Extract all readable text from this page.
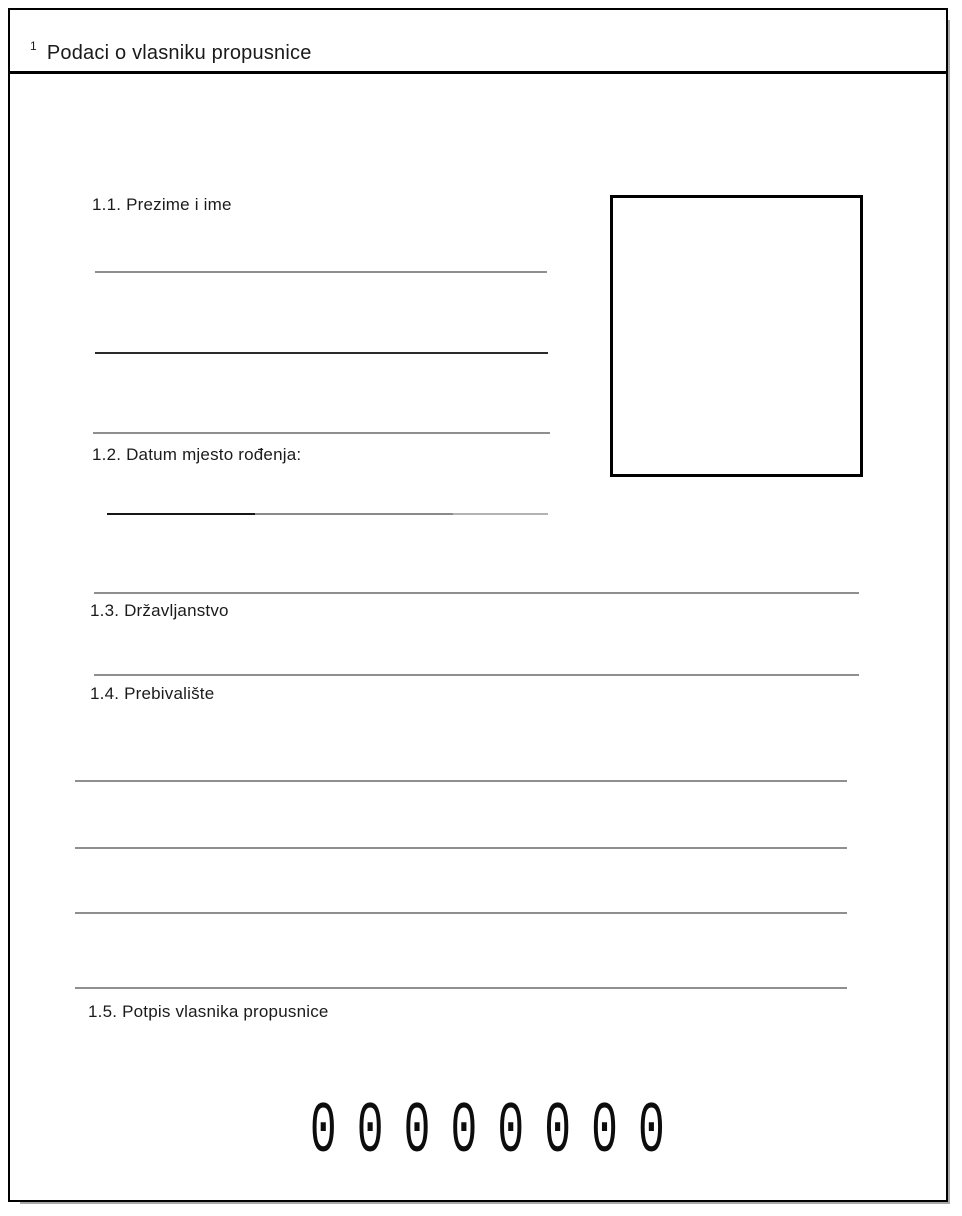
$^1$ Podaci o vlasniku propusnice
1.1. Prezime i ime
1.2. Datum mjesto rođenja:
1.3. Državljanstvo
1.4. Prebivalište
1.5. Potpis vlasnika propusnice
00000000
